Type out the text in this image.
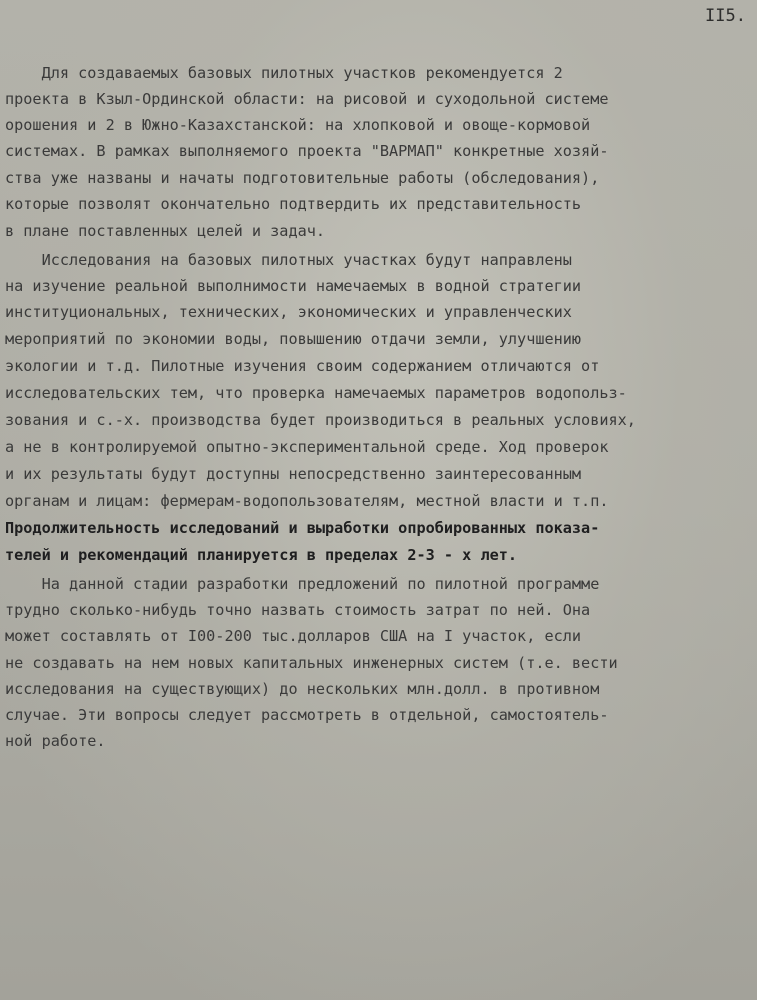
II5.

Для создаваемых базовых пилотных участков рекомендуется 2

проекта в Кзыл-Ординской области: на рисовой и суходольной системе

орошения и 2 в Южно-Казахстанской: на хлопковой и овоще-кормовой

системах. В рамках выполняемого проекта "ВАРМАП" конкретные хозяй-

ства уже названы и начаты подготовительные работы (обследования),

которые позволят окончательно подтвердить их представительность

в плане поставленных целей и задач.

Исследования на базовых пилотных участках будут направлены

на изучение реальной выполнимости намечаемых в водной стратегии

институциональных, технических, экономических и управленческих

мероприятий по экономии воды, повышению отдачи земли, улучшению

экологии и т.д. Пилотные изучения своим содержанием отличаются от

исследовательских тем, что проверка намечаемых параметров водопольз-

зования и с.-х. производства будет производиться в реальных условиях,

а не в контролируемой опытно-экспериментальной среде. Ход проверок

и их результаты будут доступны непосредственно заинтересованным

органам и лицам: фермерам-водопользователям, местной власти и т.п.

Продолжительность исследований и выработки опробированных показа-

телей и рекомендаций планируется в пределах 2-3 - х лет.

На данной стадии разработки предложений по пилотной программе

трудно сколько-нибудь точно назвать стоимость затрат по ней. Она

может составлять от I00-200 тыс.долларов США на I участок, если

не создавать на нем новых капитальных инженерных систем (т.е. вести

исследования на существующих) до нескольких млн.долл. в противном

случае. Эти вопросы следует рассмотреть в отдельной, самостоятель-

ной работе.
